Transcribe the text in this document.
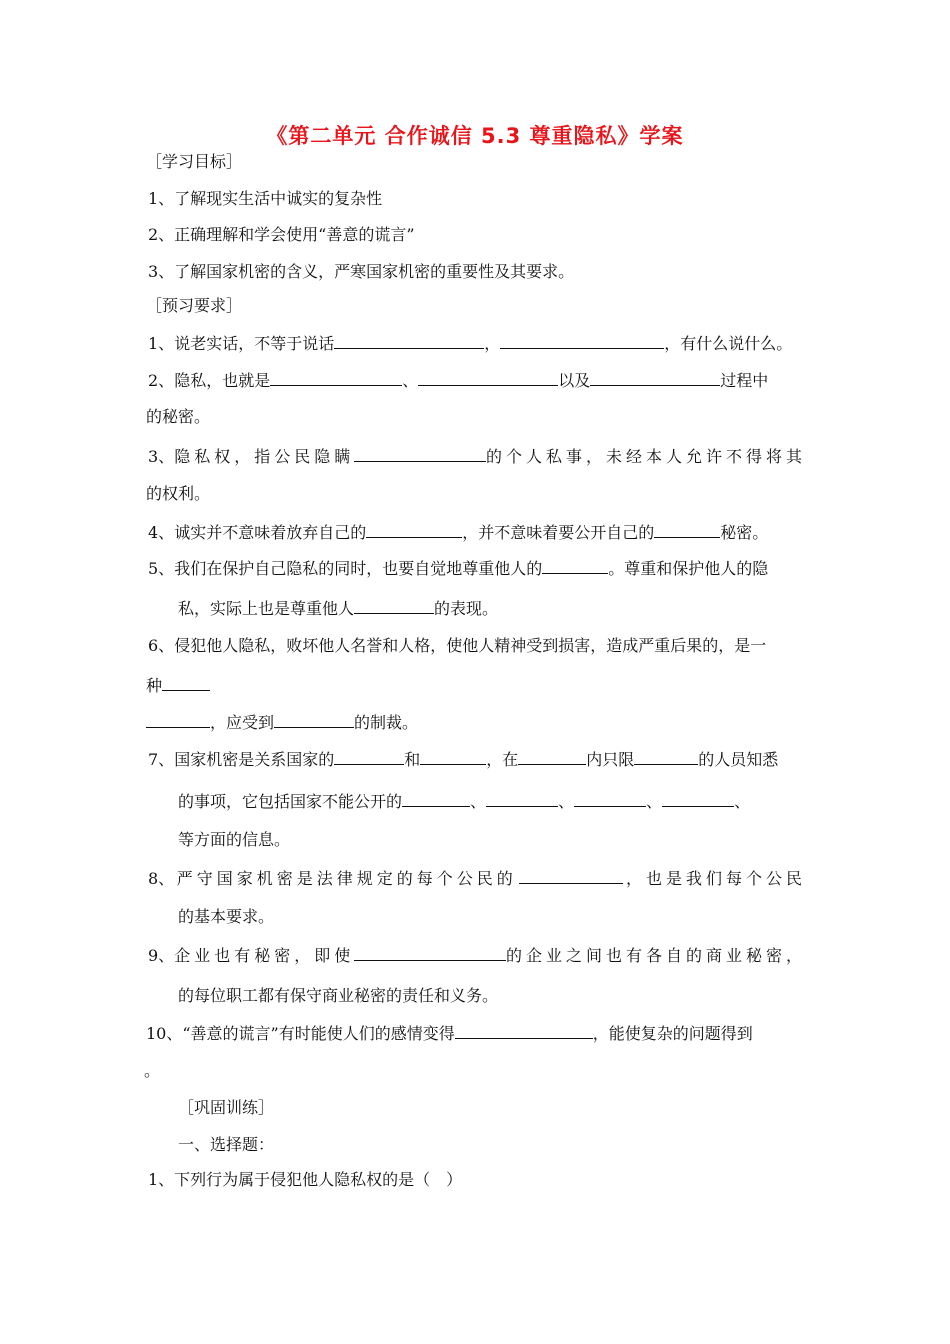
《第二单元 合作诚信 5.3 尊重隐私》学案
［学习目标］
1、了解现实生活中诚实的复杂性
2、正确理解和学会使用“善意的谎言”
3、了解国家机密的含义，严寒国家机密的重要性及其要求。
［预习要求］
1、说老实话，不等于说话	，	，有什么说什么。
2、隐私，也就是	、	以及	过程中
的秘密。
3、 隐私权，指公民隐瞒	的个人私事，未经本人允许不得将其
的权利。
4、诚实并不意味着放弃自己的	，并不意味着要公开自己的	秘密。
5、我们在保护自己隐私的同时，也要自觉地尊重他人的	。尊重和保护他人的隐
私，实际上也是尊重他人	的表现。
6、侵犯他人隐私，败坏他人名誉和人格，使他人精神受到损害，造成严重后果的，是一
种
，应受到	的制裁。
7、国家机密是关系国家的	和	，在	内只限	的人员知悉
的事项，它包括国家不能公开的	、	、	、	、
等方面的信息。
8、 严守国家机密是法律规定的每个公民的	，也是我们每个公民
的基本要求。
9、 企业也有秘密，即使	的企业之间也有各自的商业秘密，
的每位职工都有保守商业秘密的责任和义务。
10、“善意的谎言”有时能使人们的感情变得	，能使复杂的问题得到
。
［巩固训练］
一、选择题：
1、下列行为属于侵犯他人隐私权的是（　）
